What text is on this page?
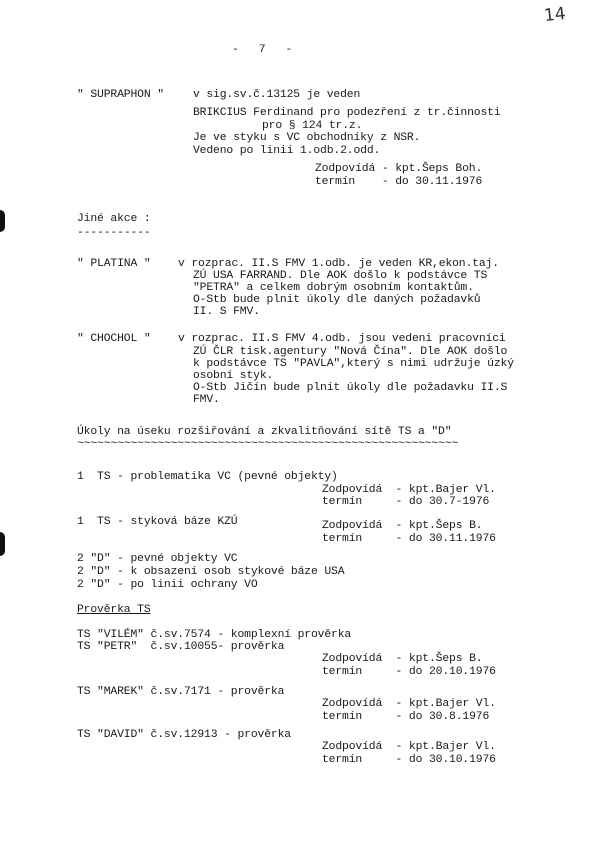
14
-   7   -
" SUPRAPHON "	v sig.sv.č.13125 je veden
BRIKCIUS Ferdinand pro podezření z tr.činnosti
pro § 124 tr.z.
Je ve styku s VC obchodníky z NSR.
Vedeno po linii 1.odb.2.odd.
Zodpovídá - kpt.Šeps Boh.
termín    - do 30.11.1976
Jiné akce :
-----------
" PLATINA " v rozprac. II.S FMV 1.odb. je veden KR,ekon.taj.
ZÚ USA FARRAND. Dle AOK došlo k podstávce TS
"PETRA" a celkem dobrým osobním kontaktům.
O-Stb bude plnit úkoly dle daných požadavků
II. S FMV.
" CHOCHOL " v rozprac. II.S FMV 4.odb. jsou vedeni pracovníci
ZÚ ČLR tisk.agentury "Nová Čína". Dle AOK došlo
k podstávce TS "PAVLA",který s nimi udržuje úzký
osobní styk.
O-Stb Jičín bude plnit úkoly dle požadavku II.S
FMV.
Úkoly na úseku rozšiřování a zkvalitňování sítě TS a "D"
~~~~~~~~~~~~~~~~~~~~~~~~~~~~~~~~~~~~~~~~~~~~~~~~~~~~~~~~~
1  TS - problematika VC (pevné objekty)
Zodpovídá  - kpt.Bajer Vl.
termín     - do 30.7-1976
1  TS - styková báze KZÚ	Zodpovídá  - kpt.Šeps B.
termín     - do 30.11.1976
2 "D" - pevné objekty VC
2 "D" - k obsazení osob stykové báze USA
2 "D" - po linii ochrany VO
Prověrka TS
TS "VILÉM" č.sv.7574 - komplexní prověrka
TS "PETR"  č.sv.10055- prověrka
Zodpovídá  - kpt.Šeps B.
termín     - do 20.10.1976
TS "MAREK" č.sv.7171 - prověrka
Zodpovídá  - kpt.Bajer Vl.
termín     - do 30.8.1976
TS "DAVID" č.sv.12913 - prověrka
Zodpovídá  - kpt.Bajer Vl.
termín     - do 30.10.1976
